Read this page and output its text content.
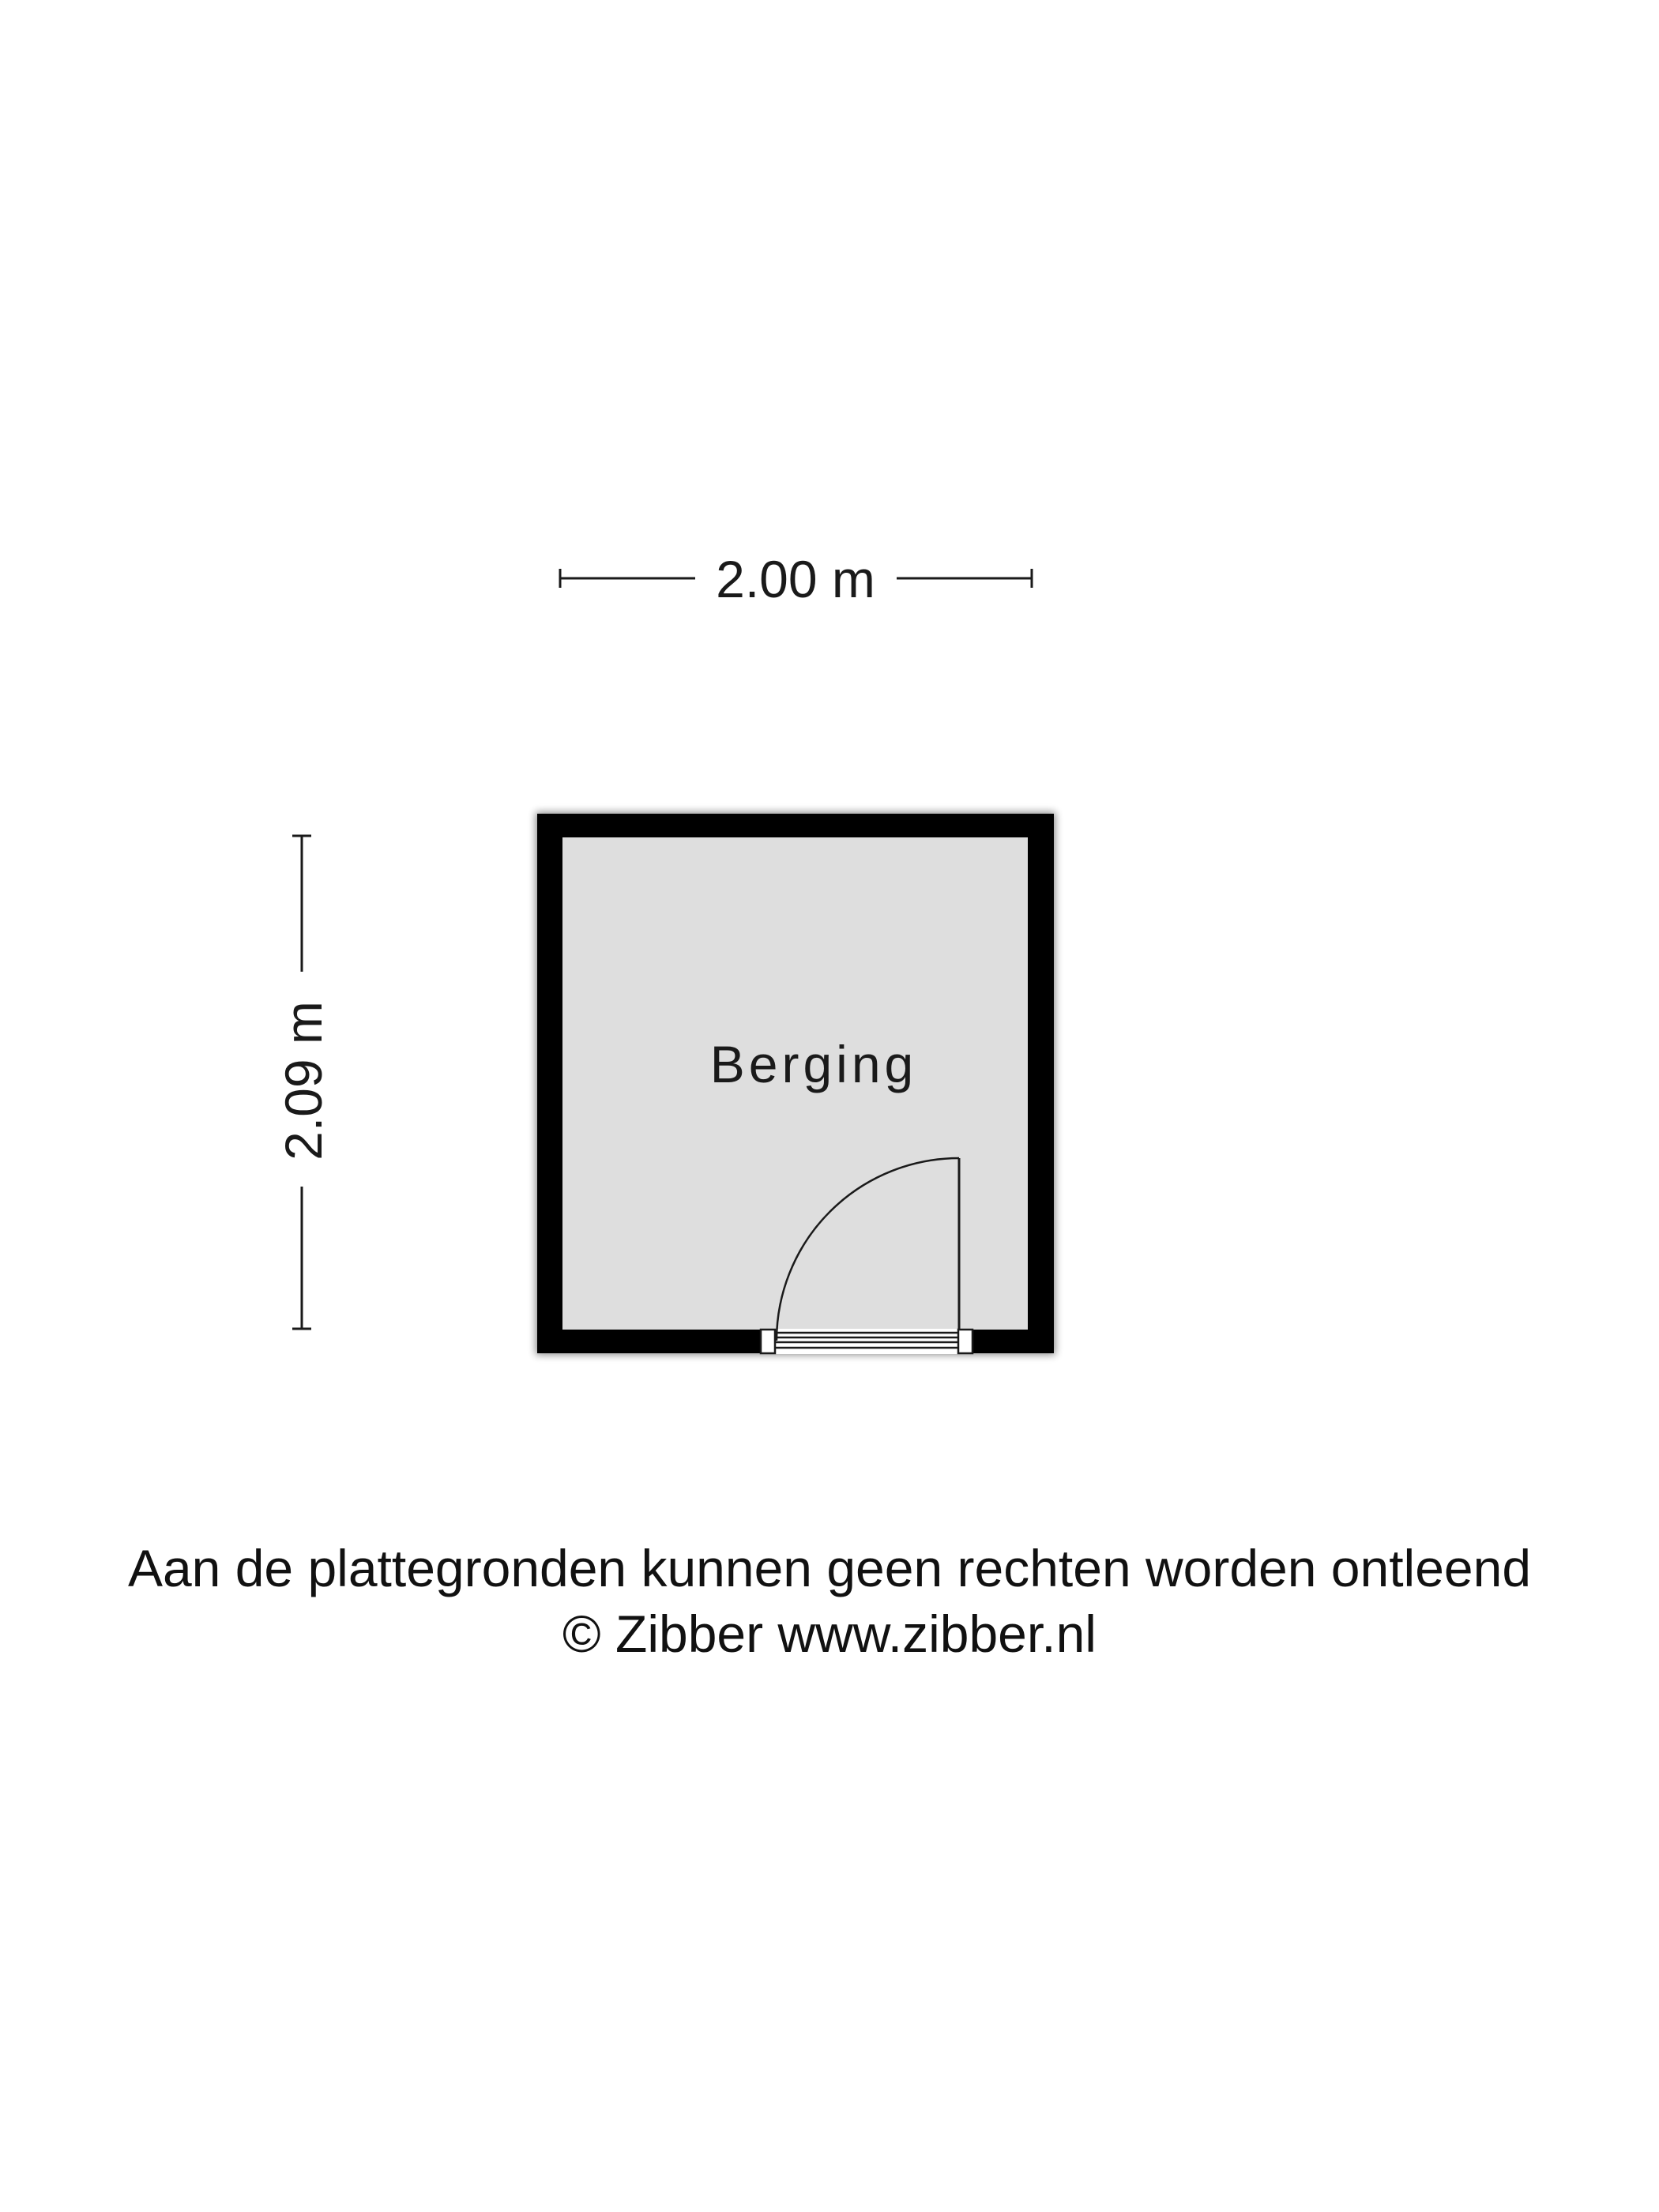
2.00 m
2.09 m	Berging
Aan de plattegronden kunnen geen rechten worden ontleend
© Zibber www.zibber.nl
